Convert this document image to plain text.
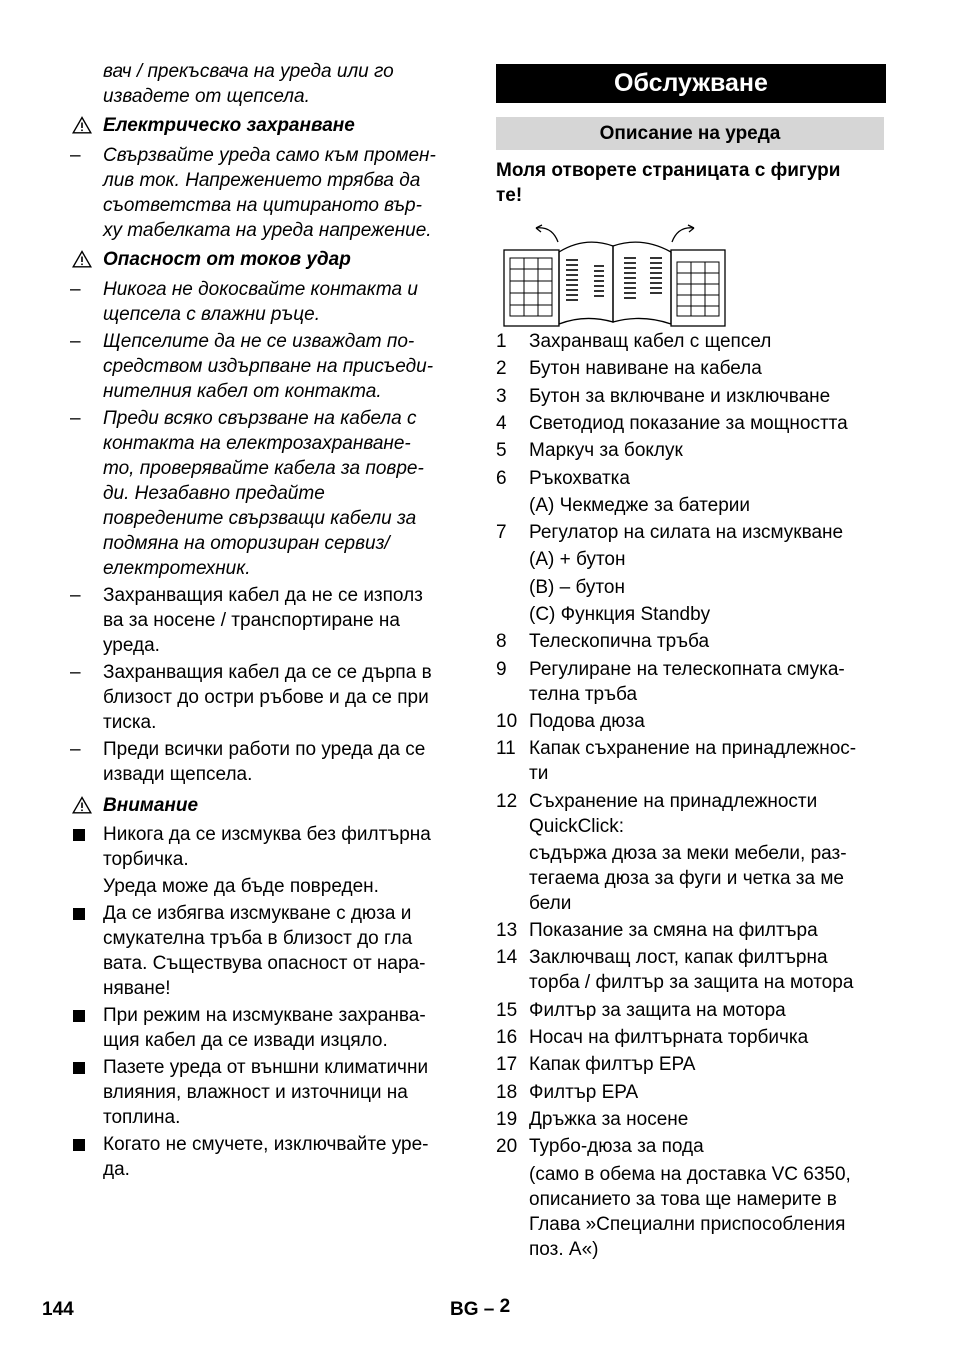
вач / прекъсвача на уреда или го
извадете от щепсела.
Електрическо захранване
– Свързвайте уреда само към промен-
лив ток. Напрежението трябва да
съответства на цитираното вър-
ху табелката на уреда напрежение.
Опасност от токов удар
– Никога не докосвайте контакта и
щепсела с влажни ръце.
– Щепселите да не се изваждат по-
средством издърпване на присъеди-
нителния кабел от контакта.
– Преди всяко свързване на кабела с
контакта на електрозахранване-
то, проверявайте кабела за повре-
ди. Незабавно предайте
повредените свързващи кабели за
подмяна на оторизиран сервиз/
електротехник.
– Захранващия кабел да не се използ
ва за носене / транспортиране на
уреда.
– Захранващия кабел да се се дърпа в
близост до остри ръбове и да се при
тиска.
– Преди всички работи по уреда да се
извади щепсела.
Внимание
Никога да се изсмуква без филтърна
торбичка.
Уреда може да бъде повреден.
Да се избягва изсмукване с дюза и
смукателна тръба в близост до гла
вата. Съществува опасност от нара-
няване!
При режим на изсмукване захранва-
щия кабел да се извади изцяло.
Пазете уреда от външни климатични
влияния, влажност и източници на
топлина.
Когато не смучете, изключвайте уре-
да.
Обслужване
Описание на уреда
Моля отворете страницата с фигури
те!
1 Захранващ кабел с щепсел
2 Бутон навиване на кабела
3 Бутон за включване и изключване
4 Светодиод показание за мощността
5 Маркуч за боклук
6 Ръкохватка
(A) Чекмедже за батерии
7 Регулатор на силата на изсмукване
(A) + бутон
(B) – бутон
(C) Функция Standby
8 Телескопична тръба
9 Регулиране на телескопната смука-
телна тръба
10 Подова дюза
11 Капак съхранение на принадлежнос-
ти
12 Съхранение на принадлежности
QuickClick:
съдържа дюза за меки мебели, раз-
тегаема дюза за фуги и четка за ме
бели
13 Показание за смяна на филтъра
14 Заключващ лост, капак филтърна
торба / филтър за защита на мотора
15 Филтър за защита на мотора
16 Носач на филтърната торбичка
17 Капак филтър EPA
18 Филтър EPA
19 Дръжка за носене
20 Турбо-дюза за пода
(само в обема на доставка VC 6350,
описанието за това ще намерите в
Глава »Специални приспособления
поз. A«)
144	BG – 2
